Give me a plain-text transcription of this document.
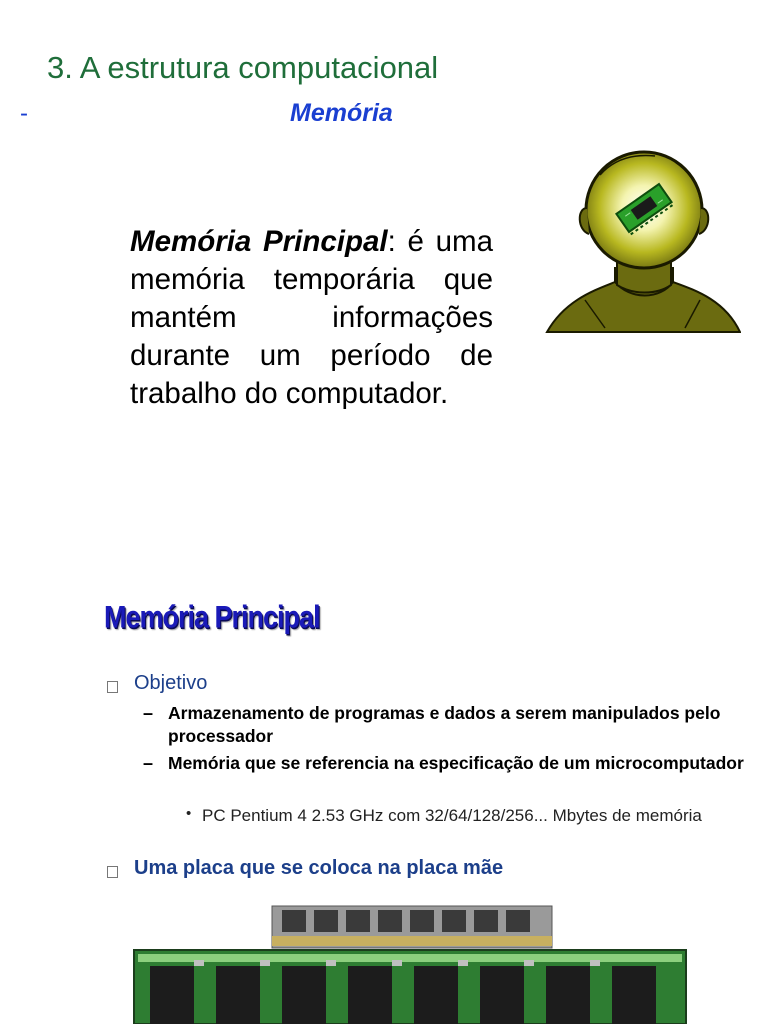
3. A estrutura computacional
-	Memória
Memória Principal: é uma memória temporária que mantém informações durante um período de trabalho do computador.
Memória Principal
Objetivo
– Armazenamento de programas e dados a serem manipulados pelo processador
– Memória que se referencia na especificação de um microcomputador
• PC Pentium 4 2.53 GHz com 32/64/128/256... Mbytes de memória
Uma placa que se coloca na placa mãe
